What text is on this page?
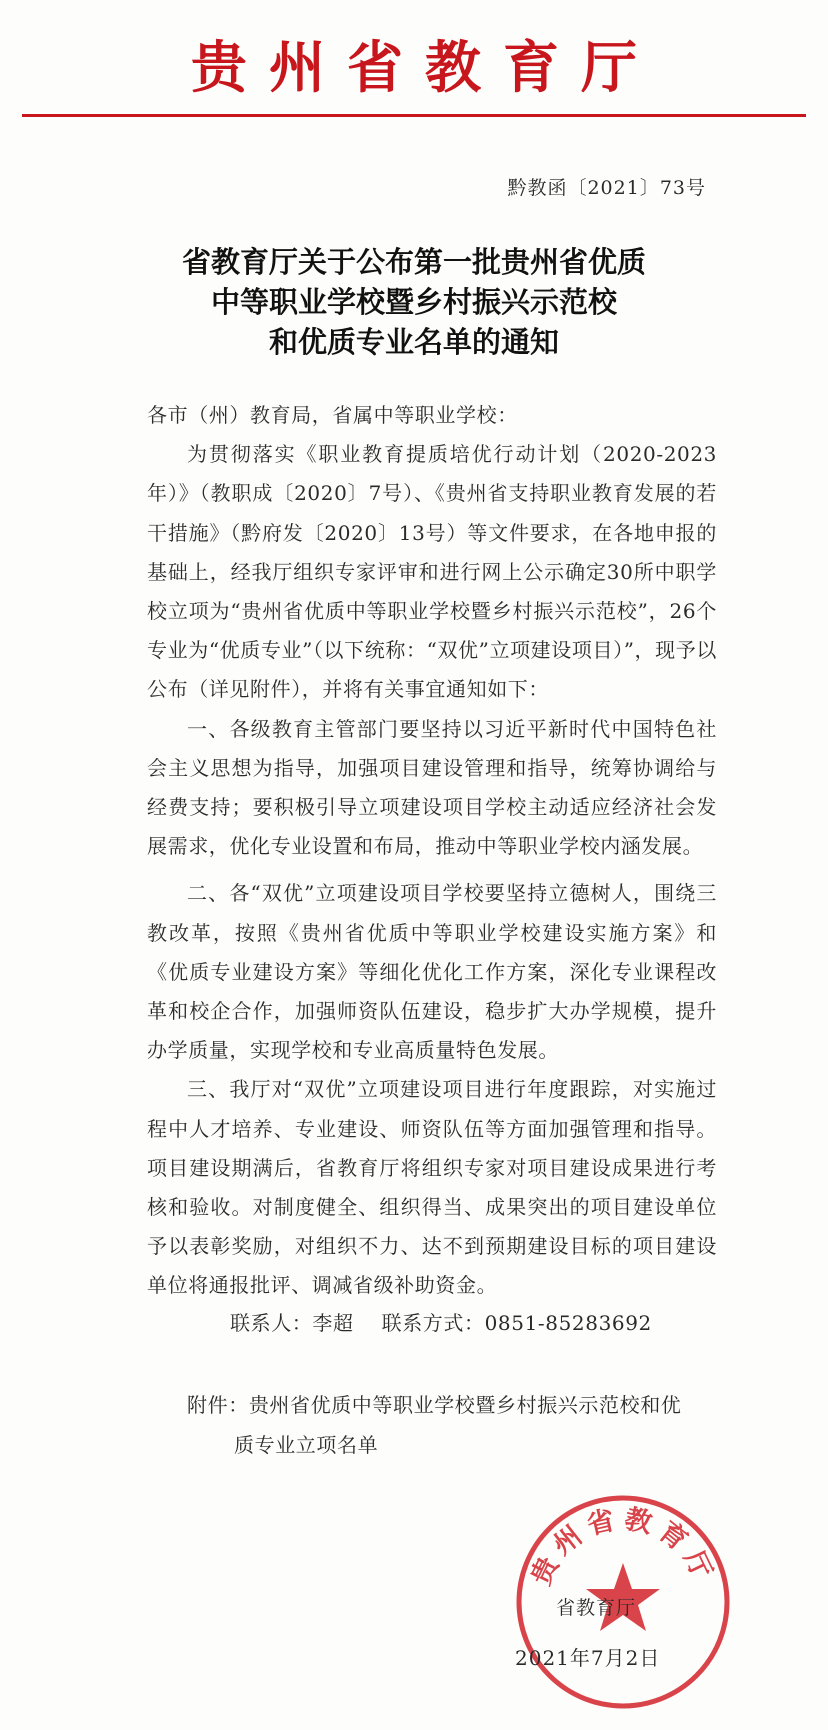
贵州省教育厅
黔教函〔2021〕73号
省教育厅关于公布第一批贵州省优质
中等职业学校暨乡村振兴示范校
和优质专业名单的通知

各市（州）教育局，省属中等职业学校：

为贯彻落实《职业教育提质培优行动计划（2020-2023年）》（教职成〔2020〕7号）、《贵州省支持职业教育发展的若干措施》（黔府发〔2020〕13号）等文件要求，在各地申报的基础上，经我厅组织专家评审和进行网上公示确定30所中职学校立项为“贵州省优质中等职业学校暨乡村振兴示范校”，26个专业为“优质专业”（以下统称：“双优”立项建设项目）”，现予以公布（详见附件），并将有关事宜通知如下：

一、各级教育主管部门要坚持以习近平新时代中国特色社会主义思想为指导，加强项目建设管理和指导，统筹协调给与经费支持；要积极引导立项建设项目学校主动适应经济社会发展需求，优化专业设置和布局，推动中等职业学校内涵发展。

二、各“双优”立项建设项目学校要坚持立德树人，围绕三教改革，按照《贵州省优质中等职业学校建设实施方案》和《优质专业建设方案》等细化优化工作方案，深化专业课程改革和校企合作，加强师资队伍建设，稳步扩大办学规模，提升办学质量，实现学校和专业高质量特色发展。

三、我厅对“双优”立项建设项目进行年度跟踪，对实施过程中人才培养、专业建设、师资队伍等方面加强管理和指导。项目建设期满后，省教育厅将组织专家对项目建设成果进行考核和验收。对制度健全、组织得当、成果突出的项目建设单位予以表彰奖励，对组织不力、达不到预期建设目标的项目建设单位将通报批评、调减省级补助资金。

联系人：李超 联系方式：0851-85283692
附件：贵州省优质中等职业学校暨乡村振兴示范校和优
质专业立项名单
贵州省教育厅
省教育厅
2021年7月2日
